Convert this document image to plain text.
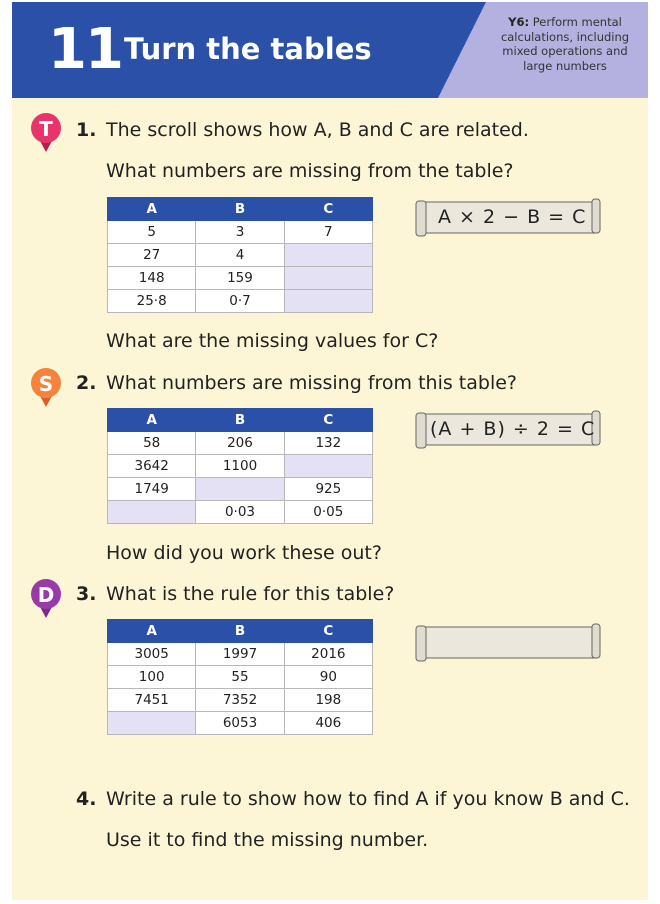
11 Turn the tables
Y6: Perform mental calculations, including mixed operations and large numbers
T 1. The scroll shows how A, B and C are related.
What numbers are missing from the table?
A	B	C
5	3	7
27	4	
148	159	
25·8	0·7	
A × 2 − B = C
What are the missing values for C?
S 2. What numbers are missing from this table?
A	B	C
58	206	132
3642	1100	
1749		925
	0·03	0·05
(A + B) ÷ 2 = C
How did you work these out?
D 3. What is the rule for this table?
A	B	C
3005	1997	2016
100	55	90
7451	7352	198
	6053	406
4. Write a rule to show how to find A if you know B and C.
Use it to find the missing number.
